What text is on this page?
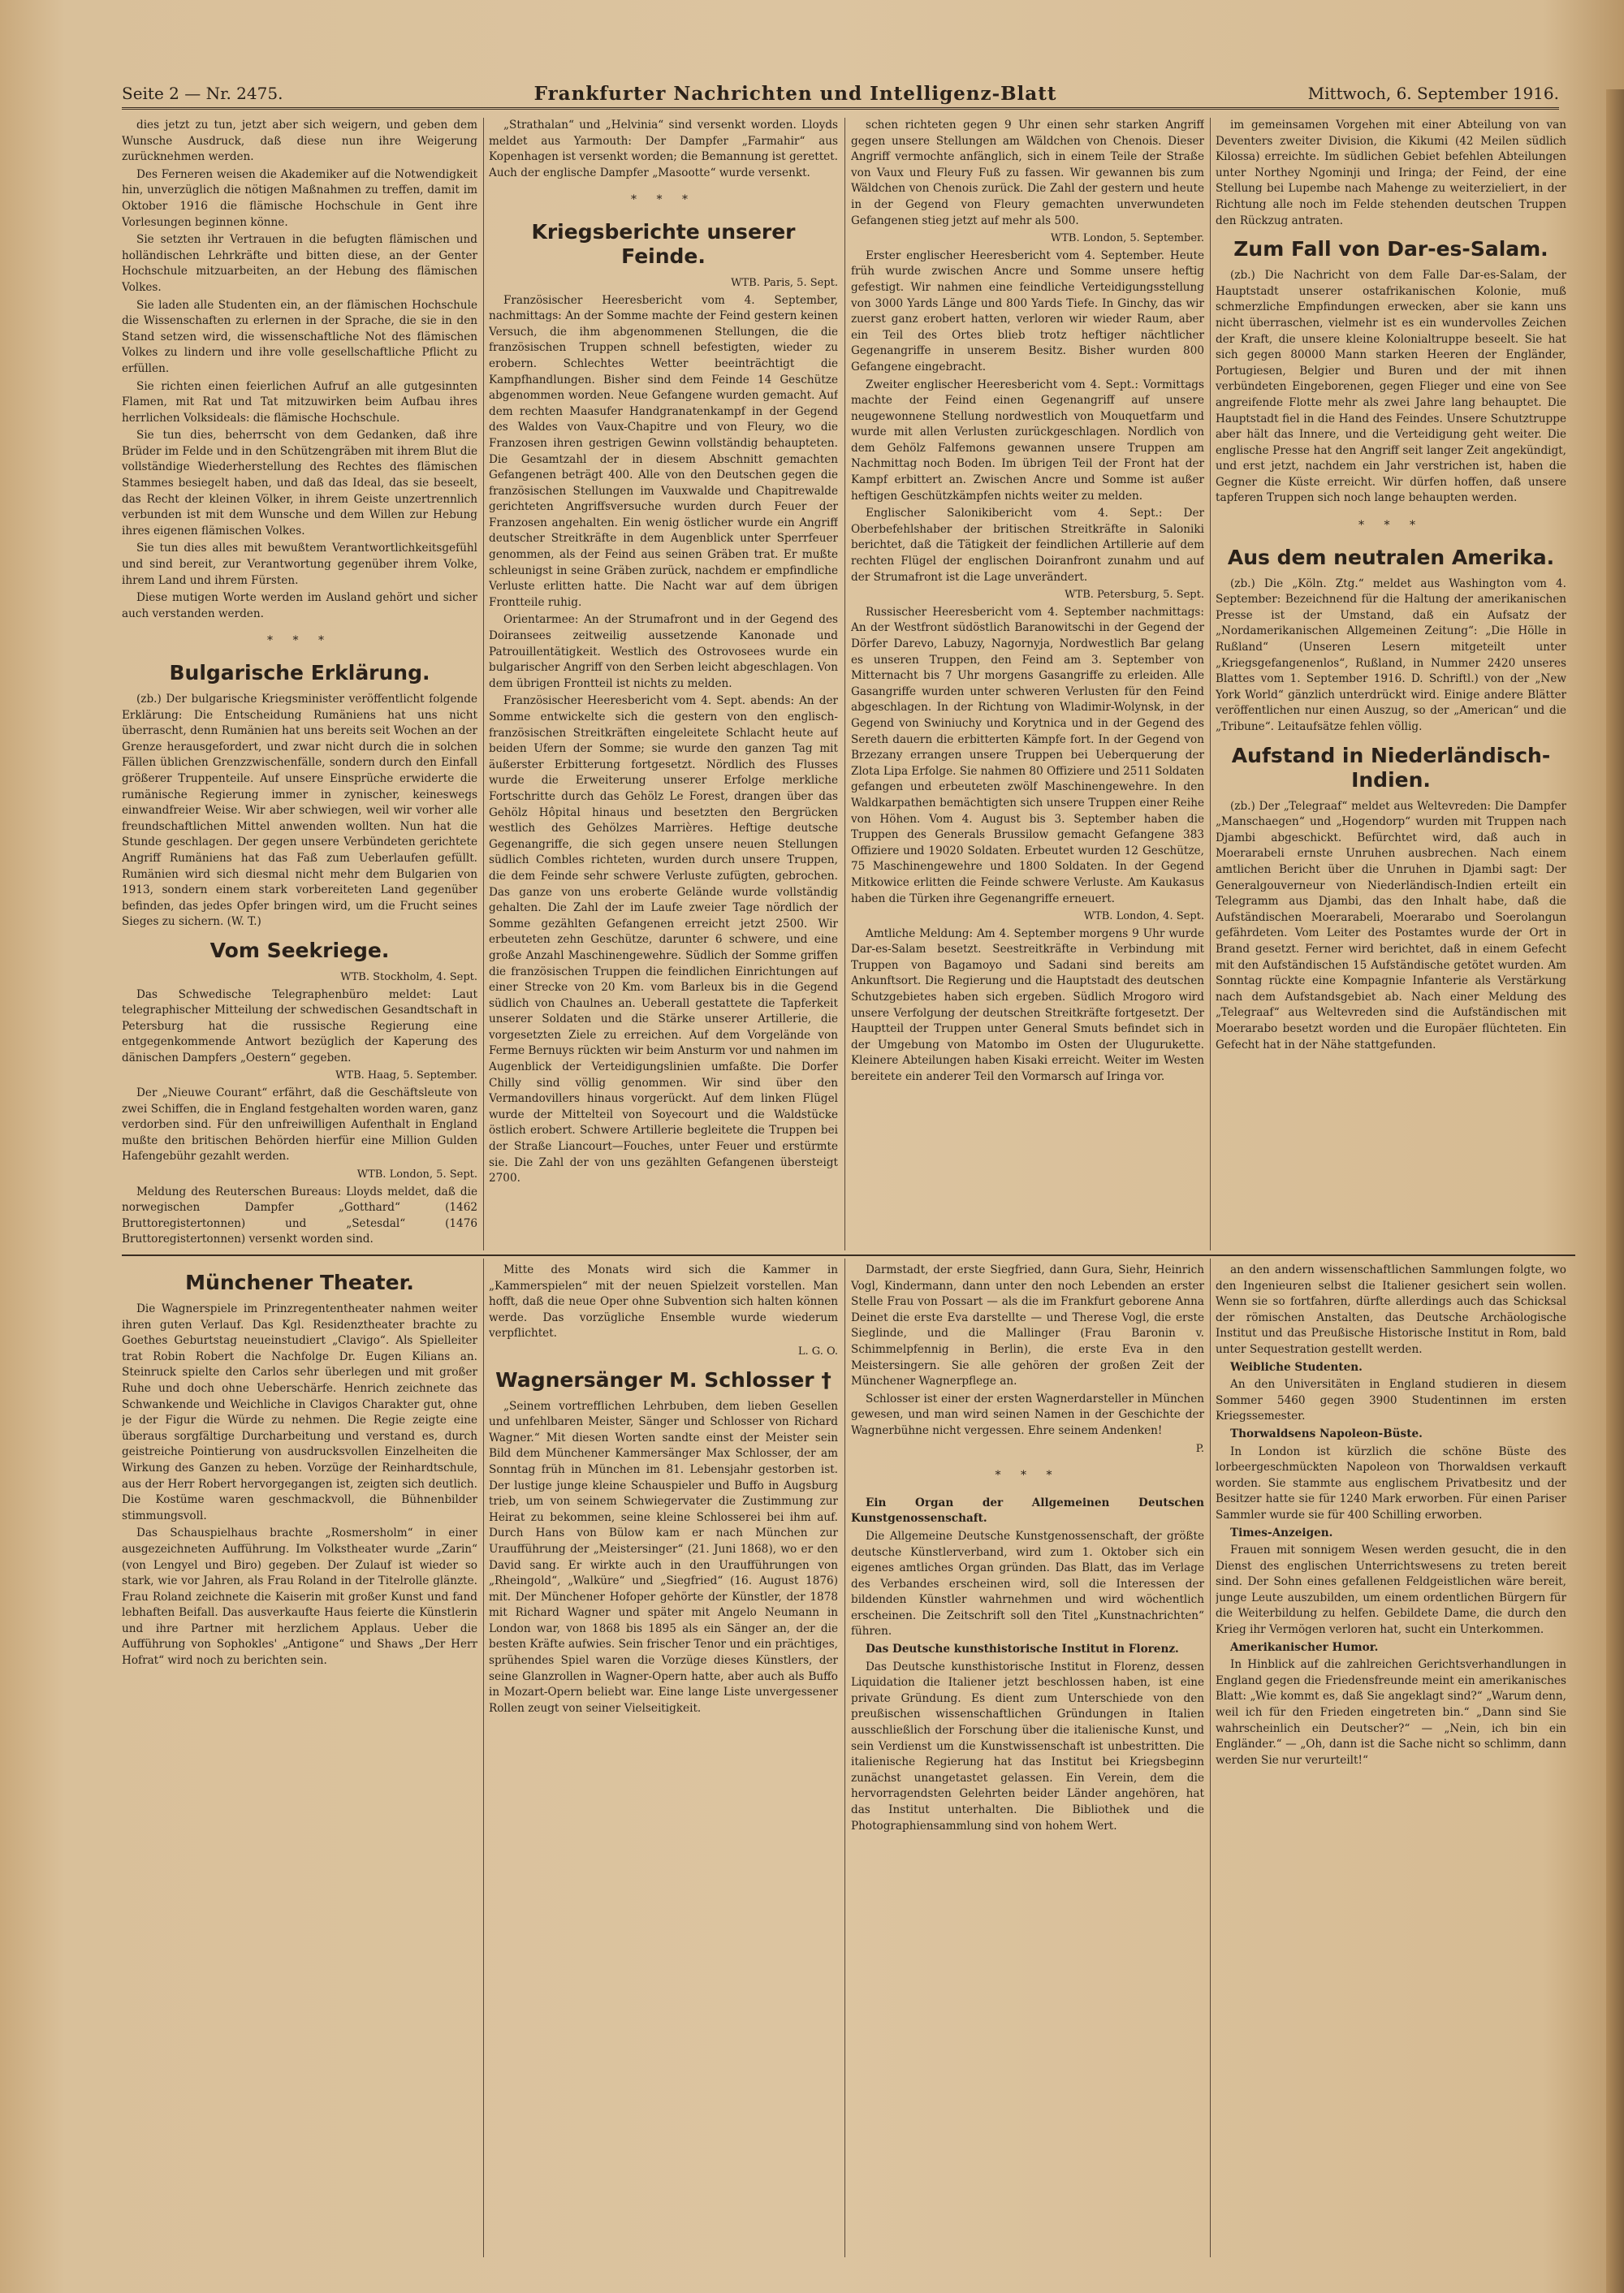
Seite 2 — Nr. 2475.	Frankfurter Nachrichten und Intelligenz-Blatt	Mittwoch, 6. September 1916.

dies jetzt zu tun, jetzt aber sich weigern, und geben dem Wunsche Ausdruck, daß diese nun ihre Weigerung zurücknehmen werden.

Des Ferneren weisen die Akademiker auf die Notwendigkeit hin, unverzüglich die nötigen Maßnahmen zu treffen, damit im Oktober 1916 die flämische Hochschule in Gent ihre Vorlesungen beginnen könne.

Sie setzten ihr Vertrauen in die befugten flämischen und holländischen Lehrkräfte und bitten diese, an der Genter Hochschule mitzuarbeiten, an der Hebung des flämischen Volkes.

Sie laden alle Studenten ein, an der flämischen Hochschule die Wissenschaften zu erlernen in der Sprache, die sie in den Stand setzen wird, die wissenschaftliche Not des flämischen Volkes zu lindern und ihre volle gesellschaftliche Pflicht zu erfüllen.

Sie richten einen feierlichen Aufruf an alle gutgesinnten Flamen, mit Rat und Tat mitzuwirken beim Aufbau ihres herrlichen Volksideals: die flämische Hochschule.

Sie tun dies, beherrscht von dem Gedanken, daß ihre Brüder im Felde und in den Schützengräben mit ihrem Blut die vollständige Wiederherstellung des Rechtes des flämischen Stammes besiegelt haben, und daß das Ideal, das sie beseelt, das Recht der kleinen Völker, in ihrem Geiste unzertrennlich verbunden ist mit dem Wunsche und dem Willen zur Hebung ihres eigenen flämischen Volkes.

Sie tun dies alles mit bewußtem Verantwortlichkeitsgefühl und sind bereit, zur Verantwortung gegenüber ihrem Volke, ihrem Land und ihrem Fürsten.

Diese mutigen Worte werden im Ausland gehört und sicher auch verstanden werden.

* * *
Bulgarische Erklärung.

(zb.) Der bulgarische Kriegsminister veröffentlicht folgende Erklärung: Die Entscheidung Rumäniens hat uns nicht überrascht, denn Rumänien hat uns bereits seit Wochen an der Grenze herausgefordert, und zwar nicht durch die in solchen Fällen üblichen Grenzzwischenfälle, sondern durch den Einfall größerer Truppenteile. Auf unsere Einsprüche erwiderte die rumänische Regierung immer in zynischer, keineswegs einwandfreier Weise. Wir aber schwiegen, weil wir vorher alle freundschaftlichen Mittel anwenden wollten. Nun hat die Stunde geschlagen. Der gegen unsere Verbündeten gerichtete Angriff Rumäniens hat das Faß zum Ueberlaufen gefüllt. Rumänien wird sich diesmal nicht mehr dem Bulgarien von 1913, sondern einem stark vorbereiteten Land gegenüber befinden, das jedes Opfer bringen wird, um die Frucht seines Sieges zu sichern. (W. T.)

Vom Seekriege.

WTB. Stockholm, 4. Sept.

Das Schwedische Telegraphenbüro meldet: Laut telegraphischer Mitteilung der schwedischen Gesandtschaft in Petersburg hat die russische Regierung eine entgegenkommende Antwort bezüglich der Kaperung des dänischen Dampfers „Oestern“ gegeben.

WTB. Haag, 5. September.

Der „Nieuwe Courant“ erfährt, daß die Geschäftsleute von zwei Schiffen, die in England festgehalten worden waren, ganz verdorben sind. Für den unfreiwilligen Aufenthalt in England mußte den britischen Behörden hierfür eine Million Gulden Hafengebühr gezahlt werden.

WTB. London, 5. Sept.

Meldung des Reuterschen Bureaus: Lloyds meldet, daß die norwegischen Dampfer „Gotthard“ (1462 Bruttoregistertonnen) und „Setesdal“ (1476 Bruttoregistertonnen) versenkt worden sind.

„Strathalan“ und „Helvinia“ sind versenkt worden. Lloyds meldet aus Yarmouth: Der Dampfer „Farmahir“ aus Kopenhagen ist versenkt worden; die Bemannung ist gerettet. Auch der englische Dampfer „Masootte“ wurde versenkt.

* * *
Kriegsberichte unserer Feinde.

WTB. Paris, 5. Sept.

Französischer Heeresbericht vom 4. September, nachmittags: An der Somme machte der Feind gestern keinen Versuch, die ihm abgenommenen Stellungen, die die französischen Truppen schnell befestigten, wieder zu erobern. Schlechtes Wetter beeinträchtigt die Kampfhandlungen. Bisher sind dem Feinde 14 Geschütze abgenommen worden. Neue Gefangene wurden gemacht. Auf dem rechten Maasufer Handgranatenkampf in der Gegend des Waldes von Vaux-Chapitre und von Fleury, wo die Franzosen ihren gestrigen Gewinn vollständig behaupteten. Die Gesamtzahl der in diesem Abschnitt gemachten Gefangenen beträgt 400. Alle von den Deutschen gegen die französischen Stellungen im Vauxwalde und Chapitrewalde gerichteten Angriffsversuche wurden durch Feuer der Franzosen angehalten. Ein wenig östlicher wurde ein Angriff deutscher Streitkräfte in dem Augenblick unter Sperrfeuer genommen, als der Feind aus seinen Gräben trat. Er mußte schleunigst in seine Gräben zurück, nachdem er empfindliche Verluste erlitten hatte. Die Nacht war auf dem übrigen Frontteile ruhig.

Orientarmee: An der Strumafront und in der Gegend des Doiransees zeitweilig aussetzende Kanonade und Patrouillentätigkeit. Westlich des Ostrovosees wurde ein bulgarischer Angriff von den Serben leicht abgeschlagen. Von dem übrigen Frontteil ist nichts zu melden.

Französischer Heeresbericht vom 4. Sept. abends: An der Somme entwickelte sich die gestern von den englisch-französischen Streitkräften eingeleitete Schlacht heute auf beiden Ufern der Somme; sie wurde den ganzen Tag mit äußerster Erbitterung fortgesetzt. Nördlich des Flusses wurde die Erweiterung unserer Erfolge merkliche Fortschritte durch das Gehölz Le Forest, drangen über das Gehölz Hôpital hinaus und besetzten den Bergrücken westlich des Gehölzes Marrières. Heftige deutsche Gegenangriffe, die sich gegen unsere neuen Stellungen südlich Combles richteten, wurden durch unsere Truppen, die dem Feinde sehr schwere Verluste zufügten, gebrochen. Das ganze von uns eroberte Gelände wurde vollständig gehalten. Die Zahl der im Laufe zweier Tage nördlich der Somme gezählten Gefangenen erreicht jetzt 2500. Wir erbeuteten zehn Geschütze, darunter 6 schwere, und eine große Anzahl Maschinengewehre. Südlich der Somme griffen die französischen Truppen die feindlichen Einrichtungen auf einer Strecke von 20 Km. vom Barleux bis in die Gegend südlich von Chaulnes an. Ueberall gestattete die Tapferkeit unserer Soldaten und die Stärke unserer Artillerie, die vorgesetzten Ziele zu erreichen. Auf dem Vorgelände von Ferme Bernuys rückten wir beim Ansturm vor und nahmen im Augenblick der Verteidigungslinien umfaßte. Die Dorfer Chilly sind völlig genommen. Wir sind über den Vermandovillers hinaus vorgerückt. Auf dem linken Flügel wurde der Mittelteil von Soyecourt und die Waldstücke östlich erobert. Schwere Artillerie begleitete die Truppen bei der Straße Liancourt—Fouches, unter Feuer und erstürmte sie. Die Zahl der von uns gezählten Gefangenen übersteigt 2700.

schen richteten gegen 9 Uhr einen sehr starken Angriff gegen unsere Stellungen am Wäldchen von Chenois. Dieser Angriff vermochte anfänglich, sich in einem Teile der Straße von Vaux und Fleury Fuß zu fassen. Wir gewannen bis zum Wäldchen von Chenois zurück. Die Zahl der gestern und heute in der Gegend von Fleury gemachten unverwundeten Gefangenen stieg jetzt auf mehr als 500.

WTB. London, 5. September.

Erster englischer Heeresbericht vom 4. September. Heute früh wurde zwischen Ancre und Somme unsere heftig gefestigt. Wir nahmen eine feindliche Verteidigungsstellung von 3000 Yards Länge und 800 Yards Tiefe. In Ginchy, das wir zuerst ganz erobert hatten, verloren wir wieder Raum, aber ein Teil des Ortes blieb trotz heftiger nächtlicher Gegenangriffe in unserem Besitz. Bisher wurden 800 Gefangene eingebracht.

Zweiter englischer Heeresbericht vom 4. Sept.: Vormittags machte der Feind einen Gegenangriff auf unsere neugewonnene Stellung nordwestlich von Mouquetfarm und wurde mit allen Verlusten zurückgeschlagen. Nordlich von dem Gehölz Falfemons gewannen unsere Truppen am Nachmittag noch Boden. Im übrigen Teil der Front hat der Kampf erbittert an. Zwischen Ancre und Somme ist außer heftigen Geschützkämpfen nichts weiter zu melden.

Englischer Salonikibericht vom 4. Sept.: Der Oberbefehlshaber der britischen Streitkräfte in Saloniki berichtet, daß die Tätigkeit der feindlichen Artillerie auf dem rechten Flügel der englischen Doiranfront zunahm und auf der Strumafront ist die Lage unverändert.

WTB. Petersburg, 5. Sept.

Russischer Heeresbericht vom 4. September nachmittags: An der Westfront südöstlich Baranowitschi in der Gegend der Dörfer Darevo, Labuzy, Nagornyja, Nordwestlich Bar gelang es unseren Truppen, den Feind am 3. September von Mitternacht bis 7 Uhr morgens Gasangriffe zu erleiden. Alle Gasangriffe wurden unter schweren Verlusten für den Feind abgeschlagen. In der Richtung von Wladimir-Wolynsk, in der Gegend von Swiniuchy und Korytnica und in der Gegend des Sereth dauern die erbitterten Kämpfe fort. In der Gegend von Brzezany errangen unsere Truppen bei Ueberquerung der Zlota Lipa Erfolge. Sie nahmen 80 Offiziere und 2511 Soldaten gefangen und erbeuteten zwölf Maschinengewehre. In den Waldkarpathen bemächtigten sich unsere Truppen einer Reihe von Höhen. Vom 4. August bis 3. September haben die Truppen des Generals Brussilow gemacht Gefangene 383 Offiziere und 19020 Soldaten. Erbeutet wurden 12 Geschütze, 75 Maschinengewehre und 1800 Soldaten. In der Gegend Mitkowice erlitten die Feinde schwere Verluste. Am Kaukasus haben die Türken ihre Gegenangriffe erneuert.

WTB. London, 4. Sept.

Amtliche Meldung: Am 4. September morgens 9 Uhr wurde Dar-es-Salam besetzt. Seestreitkräfte in Verbindung mit Truppen von Bagamoyo und Sadani sind bereits am Ankunftsort. Die Regierung und die Hauptstadt des deutschen Schutzgebietes haben sich ergeben. Südlich Mrogoro wird unsere Verfolgung der deutschen Streitkräfte fortgesetzt. Der Hauptteil der Truppen unter General Smuts befindet sich in der Umgebung von Matombo im Osten der Ulugurukette. Kleinere Abteilungen haben Kisaki erreicht. Weiter im Westen bereitete ein anderer Teil den Vormarsch auf Iringa vor.

im gemeinsamen Vorgehen mit einer Abteilung von van Deventers zweiter Division, die Kikumi (42 Meilen südlich Kilossa) erreichte. Im südlichen Gebiet befehlen Abteilungen unter Northey Ngominji und Iringa; der Feind, der eine Stellung bei Lupembe nach Mahenge zu weiterzieliert, in der Richtung alle noch im Felde stehenden deutschen Truppen den Rückzug antraten.

Zum Fall von Dar-es-Salam.

(zb.) Die Nachricht von dem Falle Dar-es-Salam, der Hauptstadt unserer ostafrikanischen Kolonie, muß schmerzliche Empfindungen erwecken, aber sie kann uns nicht überraschen, vielmehr ist es ein wundervolles Zeichen der Kraft, die unsere kleine Kolonialtruppe beseelt. Sie hat sich gegen 80000 Mann starken Heeren der Engländer, Portugiesen, Belgier und Buren und der mit ihnen verbündeten Eingeborenen, gegen Flieger und eine von See angreifende Flotte mehr als zwei Jahre lang behauptet. Die Hauptstadt fiel in die Hand des Feindes. Unsere Schutztruppe aber hält das Innere, und die Verteidigung geht weiter. Die englische Presse hat den Angriff seit langer Zeit angekündigt, und erst jetzt, nachdem ein Jahr verstrichen ist, haben die Gegner die Küste erreicht. Wir dürfen hoffen, daß unsere tapferen Truppen sich noch lange behaupten werden.

* * *
Aus dem neutralen Amerika.

(zb.) Die „Köln. Ztg.“ meldet aus Washington vom 4. September: Bezeichnend für die Haltung der amerikanischen Presse ist der Umstand, daß ein Aufsatz der „Nordamerikanischen Allgemeinen Zeitung“: „Die Hölle in Rußland“ (Unseren Lesern mitgeteilt unter „Kriegsgefangenenlos“, Rußland, in Nummer 2420 unseres Blattes vom 1. September 1916. D. Schriftl.) von der „New York World“ gänzlich unterdrückt wird. Einige andere Blätter veröffentlichen nur einen Auszug, so der „American“ und die „Tribune“. Leitaufsätze fehlen völlig.

Aufstand in Niederländisch-Indien.

(zb.) Der „Telegraaf“ meldet aus Weltevreden: Die Dampfer „Manschaegen“ und „Hogendorp“ wurden mit Truppen nach Djambi abgeschickt. Befürchtet wird, daß auch in Moerarabeli ernste Unruhen ausbrechen. Nach einem amtlichen Bericht über die Unruhen in Djambi sagt: Der Generalgouverneur von Niederländisch-Indien erteilt ein Telegramm aus Djambi, das den Inhalt habe, daß die Aufständischen Moerarabeli, Moerarabo und Soerolangun gefährdeten. Vom Leiter des Postamtes wurde der Ort in Brand gesetzt. Ferner wird berichtet, daß in einem Gefecht mit den Aufständischen 15 Aufständische getötet wurden. Am Sonntag rückte eine Kompagnie Infanterie als Verstärkung nach dem Aufstandsgebiet ab. Nach einer Meldung des „Telegraaf“ aus Weltevreden sind die Aufständischen mit Moerarabo besetzt worden und die Europäer flüchteten. Ein Gefecht hat in der Nähe stattgefunden.

Münchener Theater.

Die Wagnerspiele im Prinzregententheater nahmen weiter ihren guten Verlauf. Das Kgl. Residenztheater brachte zu Goethes Geburtstag neueinstudiert „Clavigo“. Als Spielleiter trat Robin Robert die Nachfolge Dr. Eugen Kilians an. Steinruck spielte den Carlos sehr überlegen und mit großer Ruhe und doch ohne Ueberschärfe. Henrich zeichnete das Schwankende und Weichliche in Clavigos Charakter gut, ohne je der Figur die Würde zu nehmen. Die Regie zeigte eine überaus sorgfältige Durcharbeitung und verstand es, durch geistreiche Pointierung von ausdrucksvollen Einzelheiten die Wirkung des Ganzen zu heben. Vorzüge der Reinhardtschule, aus der Herr Robert hervorgegangen ist, zeigten sich deutlich. Die Kostüme waren geschmackvoll, die Bühnenbilder stimmungsvoll.

Das Schauspielhaus brachte „Rosmersholm“ in einer ausgezeichneten Aufführung. Im Volkstheater wurde „Zarin“ (von Lengyel und Biro) gegeben. Der Zulauf ist wieder so stark, wie vor Jahren, als Frau Roland in der Titelrolle glänzte. Frau Roland zeichnete die Kaiserin mit großer Kunst und fand lebhaften Beifall. Das ausverkaufte Haus feierte die Künstlerin und ihre Partner mit herzlichem Applaus. Ueber die Aufführung von Sophokles' „Antigone“ und Shaws „Der Herr Hofrat“ wird noch zu berichten sein.

Mitte des Monats wird sich die Kammer in „Kammerspielen“ mit der neuen Spielzeit vorstellen. Man hofft, daß die neue Oper ohne Subvention sich halten können werde. Das vorzügliche Ensemble wurde wiederum verpflichtet.

L. G. O.

Wagnersänger M. Schlosser †

„Seinem vortrefflichen Lehrbuben, dem lieben Gesellen und unfehlbaren Meister, Sänger und Schlosser von Richard Wagner.“ Mit diesen Worten sandte einst der Meister sein Bild dem Münchener Kammersänger Max Schlosser, der am Sonntag früh in München im 81. Lebensjahr gestorben ist. Der lustige junge kleine Schauspieler und Buffo in Augsburg trieb, um von seinem Schwiegervater die Zustimmung zur Heirat zu bekommen, seine kleine Schlosserei bei ihm auf. Durch Hans von Bülow kam er nach München zur Uraufführung der „Meistersinger“ (21. Juni 1868), wo er den David sang. Er wirkte auch in den Uraufführungen von „Rheingold“, „Walküre“ und „Siegfried“ (16. August 1876) mit. Der Münchener Hofoper gehörte der Künstler, der 1878 mit Richard Wagner und später mit Angelo Neumann in London war, von 1868 bis 1895 als ein Sänger an, der die besten Kräfte aufwies. Sein frischer Tenor und ein prächtiges, sprühendes Spiel waren die Vorzüge dieses Künstlers, der seine Glanzrollen in Wagner-Opern hatte, aber auch als Buffo in Mozart-Opern beliebt war. Eine lange Liste unvergessener Rollen zeugt von seiner Vielseitigkeit.

Darmstadt, der erste Siegfried, dann Gura, Siehr, Heinrich Vogl, Kindermann, dann unter den noch Lebenden an erster Stelle Frau von Possart — als die im Frankfurt geborene Anna Deinet die erste Eva darstellte — und Therese Vogl, die erste Sieglinde, und die Mallinger (Frau Baronin v. Schimmelpfennig in Berlin), die erste Eva in den Meistersingern. Sie alle gehören der großen Zeit der Münchener Wagnerpflege an.

Schlosser ist einer der ersten Wagnerdarsteller in München gewesen, und man wird seinen Namen in der Geschichte der Wagnerbühne nicht vergessen. Ehre seinem Andenken!

P.

* * *

Ein Organ der Allgemeinen Deutschen Kunstgenossenschaft.

Die Allgemeine Deutsche Kunstgenossenschaft, der größte deutsche Künstlerverband, wird zum 1. Oktober sich ein eigenes amtliches Organ gründen. Das Blatt, das im Verlage des Verbandes erscheinen wird, soll die Interessen der bildenden Künstler wahrnehmen und wird wöchentlich erscheinen. Die Zeitschrift soll den Titel „Kunstnachrichten“ führen.

Das Deutsche kunsthistorische Institut in Florenz.

Das Deutsche kunsthistorische Institut in Florenz, dessen Liquidation die Italiener jetzt beschlossen haben, ist eine private Gründung. Es dient zum Unterschiede von den preußischen wissenschaftlichen Gründungen in Italien ausschließlich der Forschung über die italienische Kunst, und sein Verdienst um die Kunstwissenschaft ist unbestritten. Die italienische Regierung hat das Institut bei Kriegsbeginn zunächst unangetastet gelassen. Ein Verein, dem die hervorragendsten Gelehrten beider Länder angehören, hat das Institut unterhalten. Die Bibliothek und die Photographiensammlung sind von hohem Wert.

an den andern wissenschaftlichen Sammlungen folgte, wo den Ingenieuren selbst die Italiener gesichert sein wollen. Wenn sie so fortfahren, dürfte allerdings auch das Schicksal der römischen Anstalten, das Deutsche Archäologische Institut und das Preußische Historische Institut in Rom, bald unter Sequestration gestellt werden.

Weibliche Studenten.

An den Universitäten in England studieren in diesem Sommer 5460 gegen 3900 Studentinnen im ersten Kriegssemester.

Thorwaldsens Napoleon-Büste.

In London ist kürzlich die schöne Büste des lorbeergeschmückten Napoleon von Thorwaldsen verkauft worden. Sie stammte aus englischem Privatbesitz und der Besitzer hatte sie für 1240 Mark erworben. Für einen Pariser Sammler wurde sie für 400 Schilling erworben.

Times-Anzeigen.

Frauen mit sonnigem Wesen werden gesucht, die in den Dienst des englischen Unterrichtswesens zu treten bereit sind. Der Sohn eines gefallenen Feldgeistlichen wäre bereit, junge Leute auszubilden, um einem ordentlichen Bürgern für die Weiterbildung zu helfen. Gebildete Dame, die durch den Krieg ihr Vermögen verloren hat, sucht ein Unterkommen.

Amerikanischer Humor.

In Hinblick auf die zahlreichen Gerichtsverhandlungen in England gegen die Friedensfreunde meint ein amerikanisches Blatt: „Wie kommt es, daß Sie angeklagt sind?“ „Warum denn, weil ich für den Frieden eingetreten bin.“ „Dann sind Sie wahrscheinlich ein Deutscher?“ — „Nein, ich bin ein Engländer.“ — „Oh, dann ist die Sache nicht so schlimm, dann werden Sie nur verurteilt!“
